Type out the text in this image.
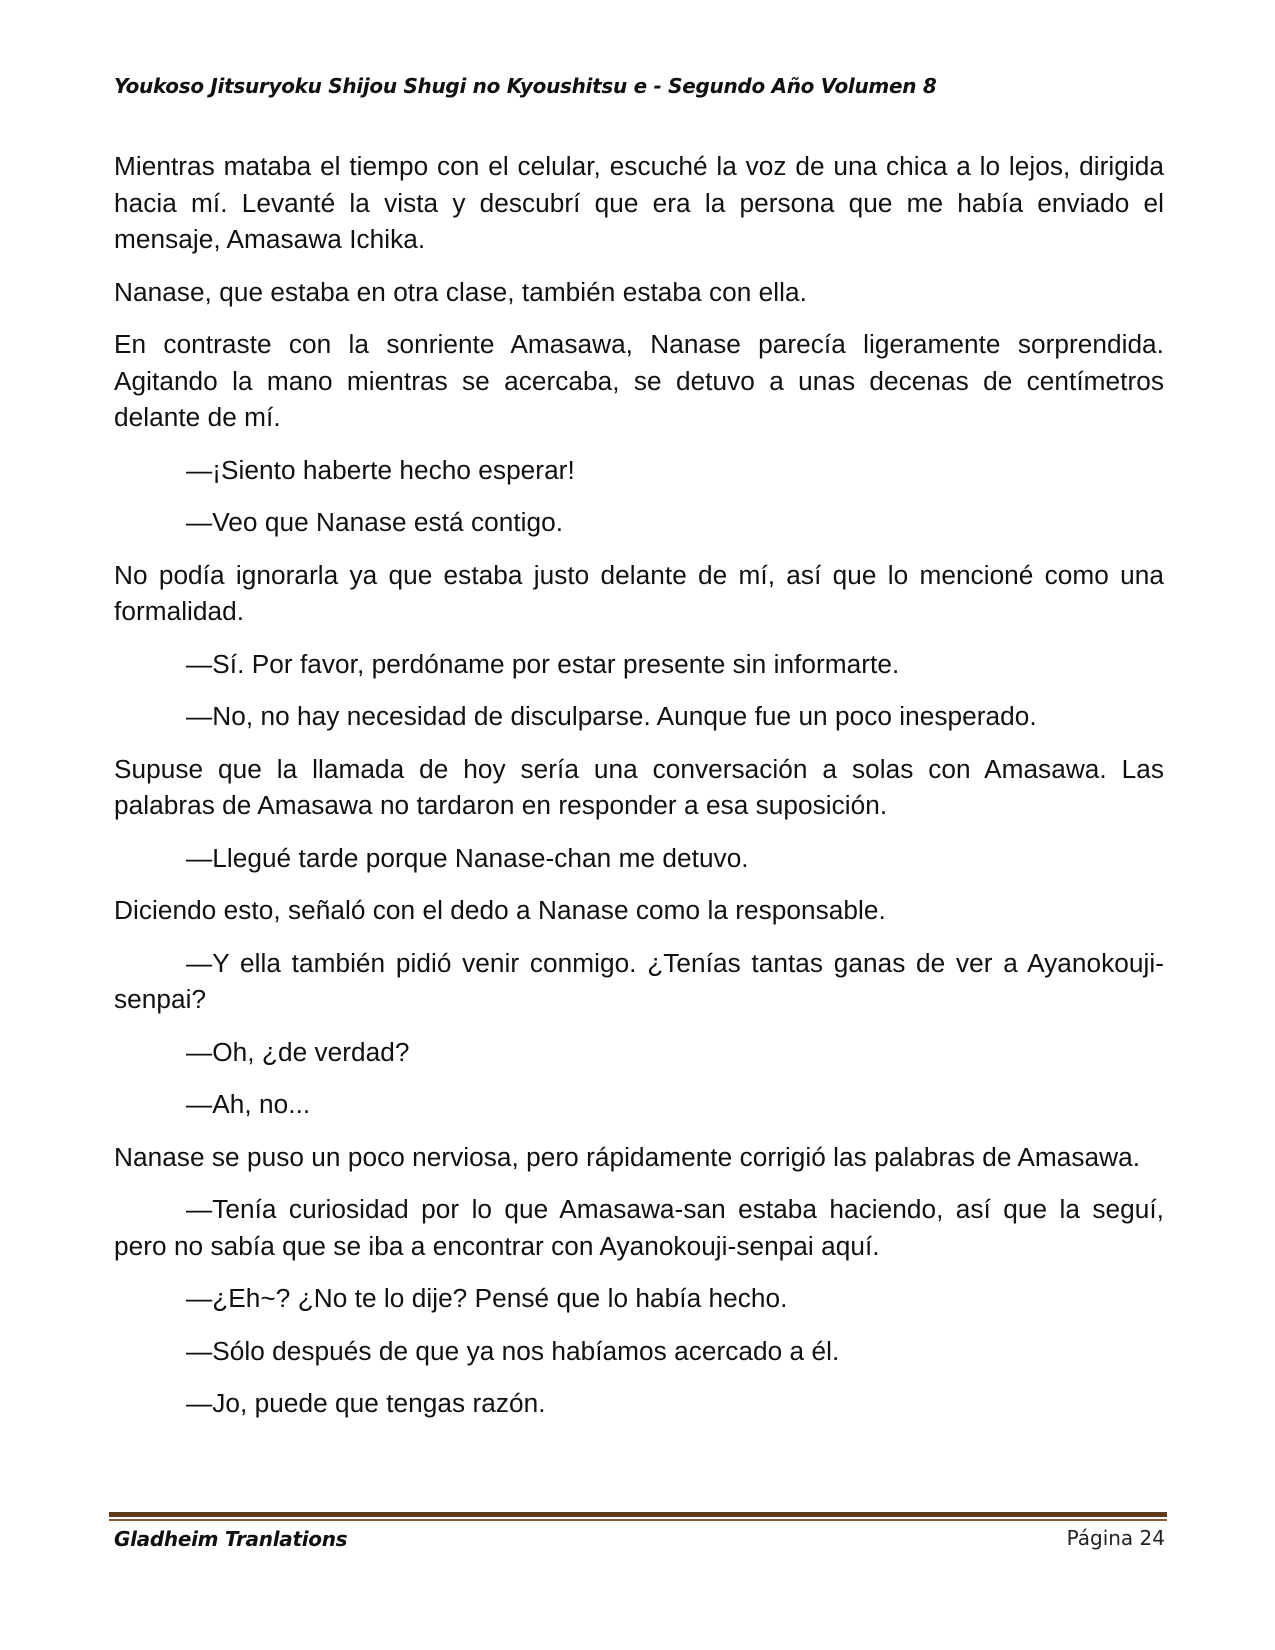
Youkoso Jitsuryoku Shijou Shugi no Kyoushitsu e - Segundo Año Volumen 8

Mientras mataba el tiempo con el celular, escuché la voz de una chica a lo lejos, dirigida hacia mí. Levanté la vista y descubrí que era la persona que me había enviado el mensaje, Amasawa Ichika.

Nanase, que estaba en otra clase, también estaba con ella.

En contraste con la sonriente Amasawa, Nanase parecía ligeramente sorprendida. Agitando la mano mientras se acercaba, se detuvo a unas decenas de centímetros delante de mí.

—¡Siento haberte hecho esperar!

—Veo que Nanase está contigo.

No podía ignorarla ya que estaba justo delante de mí, así que lo mencioné como una formalidad.

—Sí. Por favor, perdóname por estar presente sin informarte.

—No, no hay necesidad de disculparse. Aunque fue un poco inesperado.

Supuse que la llamada de hoy sería una conversación a solas con Amasawa. Las palabras de Amasawa no tardaron en responder a esa suposición.

—Llegué tarde porque Nanase-chan me detuvo.

Diciendo esto, señaló con el dedo a Nanase como la responsable.

—Y ella también pidió venir conmigo. ¿Tenías tantas ganas de ver a Ayanokouji-senpai?

—Oh, ¿de verdad?

—Ah, no...

Nanase se puso un poco nerviosa, pero rápidamente corrigió las palabras de Amasawa.

—Tenía curiosidad por lo que Amasawa-san estaba haciendo, así que la seguí, pero no sabía que se iba a encontrar con Ayanokouji-senpai aquí.

—¿Eh~? ¿No te lo dije? Pensé que lo había hecho.

—Sólo después de que ya nos habíamos acercado a él.

—Jo, puede que tengas razón.

Gladheim Tranlations	Página 24
